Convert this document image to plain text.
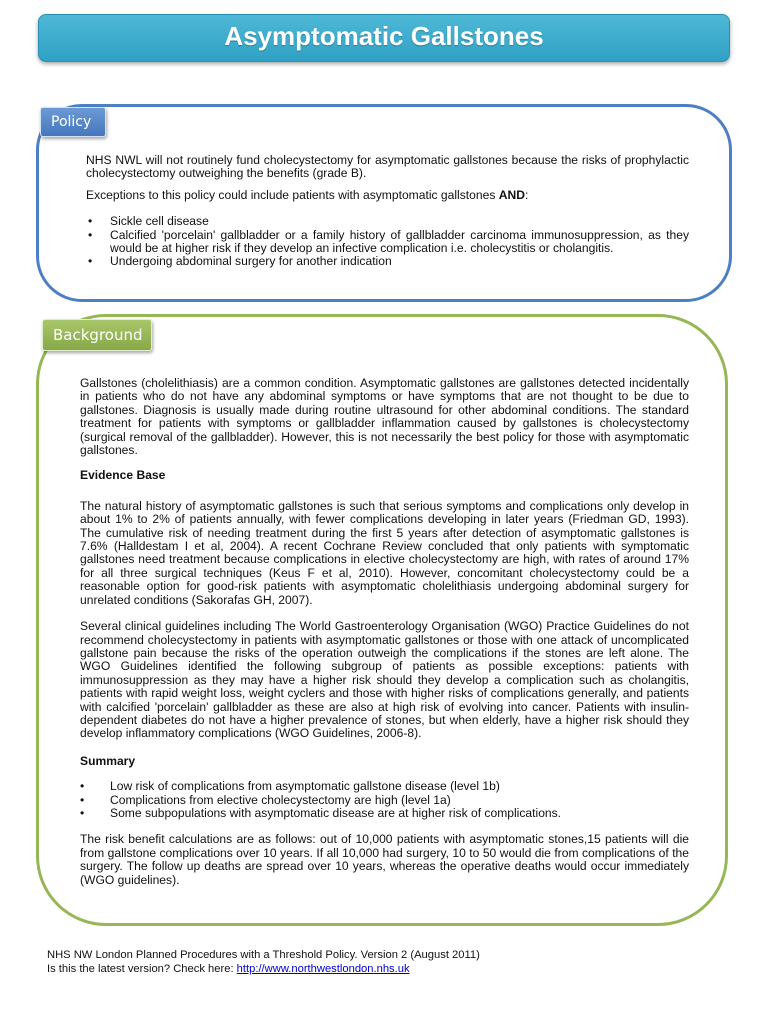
Asymptomatic Gallstones
Policy

NHS NWL will not routinely fund cholecystectomy for asymptomatic gallstones because the risks of prophylactic cholecystectomy outweighing the benefits (grade B).

Exceptions to this policy could include patients with asymptomatic gallstones AND:

• Sickle cell disease
• Calcified 'porcelain' gallbladder or a family history of gallbladder carcinoma immunosuppression, as they would be at higher risk if they develop an infective complication i.e. cholecystitis or cholangitis.
• Undergoing abdominal surgery for another indication
Background

Gallstones (cholelithiasis) are a common condition. Asymptomatic gallstones are gallstones detected incidentally in patients who do not have any abdominal symptoms or have symptoms that are not thought to be due to gallstones. Diagnosis is usually made during routine ultrasound for other abdominal conditions. The standard treatment for patients with symptoms or gallbladder inflammation caused by gallstones is cholecystectomy (surgical removal of the gallbladder). However, this is not necessarily the best policy for those with asymptomatic gallstones.

Evidence Base

The natural history of asymptomatic gallstones is such that serious symptoms and complications only develop in about 1% to 2% of patients annually, with fewer complications developing in later years (Friedman GD, 1993). The cumulative risk of needing treatment during the first 5 years after detection of asymptomatic gallstones is 7.6% (Halldestam I et al, 2004). A recent Cochrane Review concluded that only patients with symptomatic gallstones need treatment because complications in elective cholecystectomy are high, with rates of around 17% for all three surgical techniques (Keus F et al, 2010). However, concomitant cholecystectomy could be a reasonable option for good-risk patients with asymptomatic cholelithiasis undergoing abdominal surgery for unrelated conditions (Sakorafas GH, 2007).

Several clinical guidelines including The World Gastroenterology Organisation (WGO) Practice Guidelines do not recommend cholecystectomy in patients with asymptomatic gallstones or those with one attack of uncomplicated gallstone pain because the risks of the operation outweigh the complications if the stones are left alone. The WGO Guidelines identified the following subgroup of patients as possible exceptions: patients with immunosuppression as they may have a higher risk should they develop a complication such as cholangitis, patients with rapid weight loss, weight cyclers and those with higher risks of complications generally, and patients with calcified 'porcelain' gallbladder as these are also at high risk of evolving into cancer. Patients with insulin-dependent diabetes do not have a higher prevalence of stones, but when elderly, have a higher risk should they develop inflammatory complications (WGO Guidelines, 2006-8).

Summary

• Low risk of complications from asymptomatic gallstone disease (level 1b)
• Complications from elective cholecystectomy are high (level 1a)
• Some subpopulations with asymptomatic disease are at higher risk of complications.

The risk benefit calculations are as follows: out of 10,000 patients with asymptomatic stones,15 patients will die from gallstone complications over 10 years. If all 10,000 had surgery, 10 to 50 would die from complications of the surgery. The follow up deaths are spread over 10 years, whereas the operative deaths would occur immediately (WGO guidelines).

NHS NW London Planned Procedures with a Threshold Policy. Version 2 (August 2011)
Is this the latest version? Check here: http://www.northwestlondon.nhs.uk
